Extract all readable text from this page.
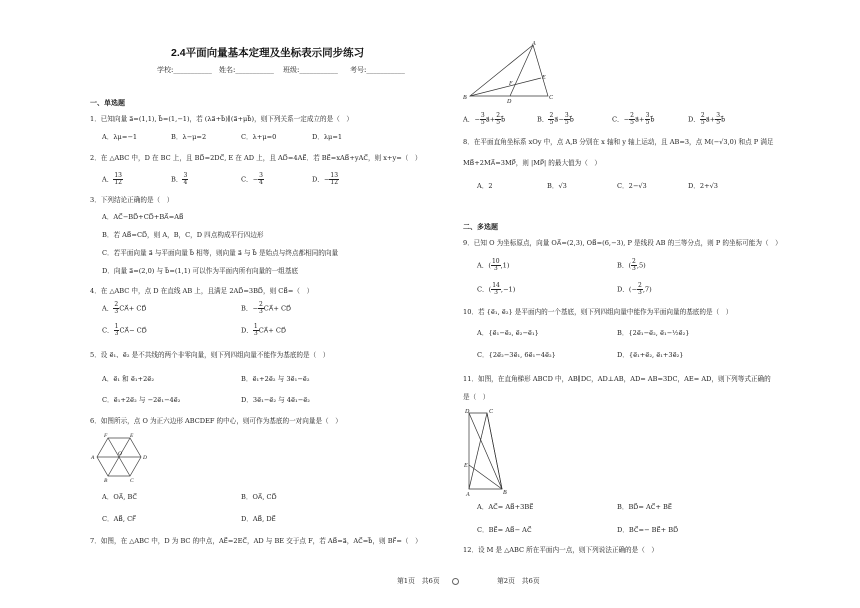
2.4平面向量基本定理及坐标表示同步练习
学校:___________ 姓名:___________ 班级:___________ 考号:___________
一、单选题
1．已知向量 a⃗=(1,1), b⃗=(1,−1)，若 (λa⃗+b⃗)∥(a⃗+μb⃗)，则下列关系一定成立的是（　）
A．λμ=−1	B．λ−μ=2	C．λ+μ=0	D．λμ=1
2．在 △ABC 中，D 在 BC 上，且 BD⃗=2DC⃗, E 在 AD 上，且 AD⃗=4AE⃗．若 BE⃗=xAB⃗+yAC⃗，则 x+y=（　）
A． $\frac{13}{12}$	B． $\frac{3}{4}$	C．− $\frac{3}{4}$	D．− $\frac{13}{12}$
3．下列结论正确的是（　）
A．AC⃗−BD⃗+CD⃗+BA⃗=AB⃗
B．若 AB⃗=CD⃗，则 A，B，C，D 四点构成平行四边形
C．若平面向量 a⃗ 与平面向量 b⃗ 相等，则向量 a⃗ 与 b⃗ 是始点与终点都相同的向量
D．向量 a⃗=(2,0) 与 b⃗=(1,1) 可以作为平面内所有向量的一组基底
4．在 △ABC 中，点 D 在直线 AB 上，且满足 2AD⃗=3BD⃗，则 CB⃗=（　）
A． $\frac{2}{3}$ CA⃗+ CD⃗	B．− $\frac{2}{3}$ CA⃗+ CD⃗
C． $\frac{1}{3}$ CA⃗− CD⃗	D． $\frac{1}{3}$ CA⃗+ CD⃗
5．设 e⃗₁、e⃗₂ 是不共线的两个非零向量，则下列四组向量不能作为基底的是（　）
A．e⃗₁ 和 e⃗₁+2e⃗₂	B．e⃗₁+2e⃗₂ 与 3e⃗₁−e⃗₂
C．e⃗₁+2e⃗₂ 与 −2e⃗₁−4e⃗₂	D．3e⃗₁−e⃗₂ 与 4e⃗₁−e⃗₂
6．如图所示，点 O 为正六边形 ABCDEF 的中心，则可作为基底的一对向量是（　）
F	E
A	D
B	C
O
A．OA⃗, BC⃗	B．OA⃗, CD⃗
C．AB⃗, CF⃗	D．AB⃗, DE⃗
7．如图，在 △ABC 中，D 为 BC 的中点，AE⃗=2EC⃗，AD 与 BE 交于点 F，若 AB⃗=a⃗，AC⃗=b⃗，则 BF⃗=（　）
第1页　共6页
A
B	C
D
E
F
A．− $\frac{3}{5}$ a⃗+ $\frac{2}{5}$ b⃗	B． $\frac{2}{5}$ a⃗− $\frac{3}{5}$ b⃗	C．− $\frac{2}{5}$ a⃗+ $\frac{3}{5}$ b⃗	D． $\frac{2}{5}$ a⃗+ $\frac{3}{5}$ b⃗
8．在平面直角坐标系 xOy 中，点 A,B 分别在 x 轴和 y 轴上运动，且 AB=3，点 M(−√3,0) 和点 P 满足
MB⃗+2MA⃗=3MP⃗，则 |MP⃗| 的最大值为（　）
A．2	B．√3	C．2−√3	D．2+√3
二、多选题
9．已知 O 为坐标原点，向量 OA⃗=(2,3), OB⃗=(6,−3), P 是线段 AB 的三等分点，则 P 的坐标可能为（　）
A．( $\frac{10}{3} ,1$)	B．( $\frac{2}{3} ,5$)
C．( $\frac{14}{3} ,-1$)	D．(− $\frac{2}{3} ,7$)
10．若 {e⃗₁, e⃗₂} 是平面内的一个基底，则下列四组向量中能作为平面向量的基底的是（　）
A．{e⃗₁−e⃗₂, e⃗₂−e⃗₁}	B．{2e⃗₁−e⃗₂, e⃗₁−½e⃗₂}
C．{2e⃗₂−3e⃗₁, 6e⃗₁−4e⃗₂}	D．{e⃗₁+e⃗₂, e⃗₁+3e⃗₂}
11．如图，在直角梯形 ABCD 中，AB∥DC，AD⊥AB，AD= AB=3DC，AE= AD，则下列等式正确的
是（　）
D	C
E
A	B
A．AC⃗= AB⃗+3BE⃗	B．BD⃗= AC⃗+ BE⃗
C．BE⃗= AB⃗− AC⃗	D．BC⃗=− BE⃗+ BD⃗
12．设 M 是 △ABC 所在平面内一点，则下列说法正确的是（　）
第2页　共6页
